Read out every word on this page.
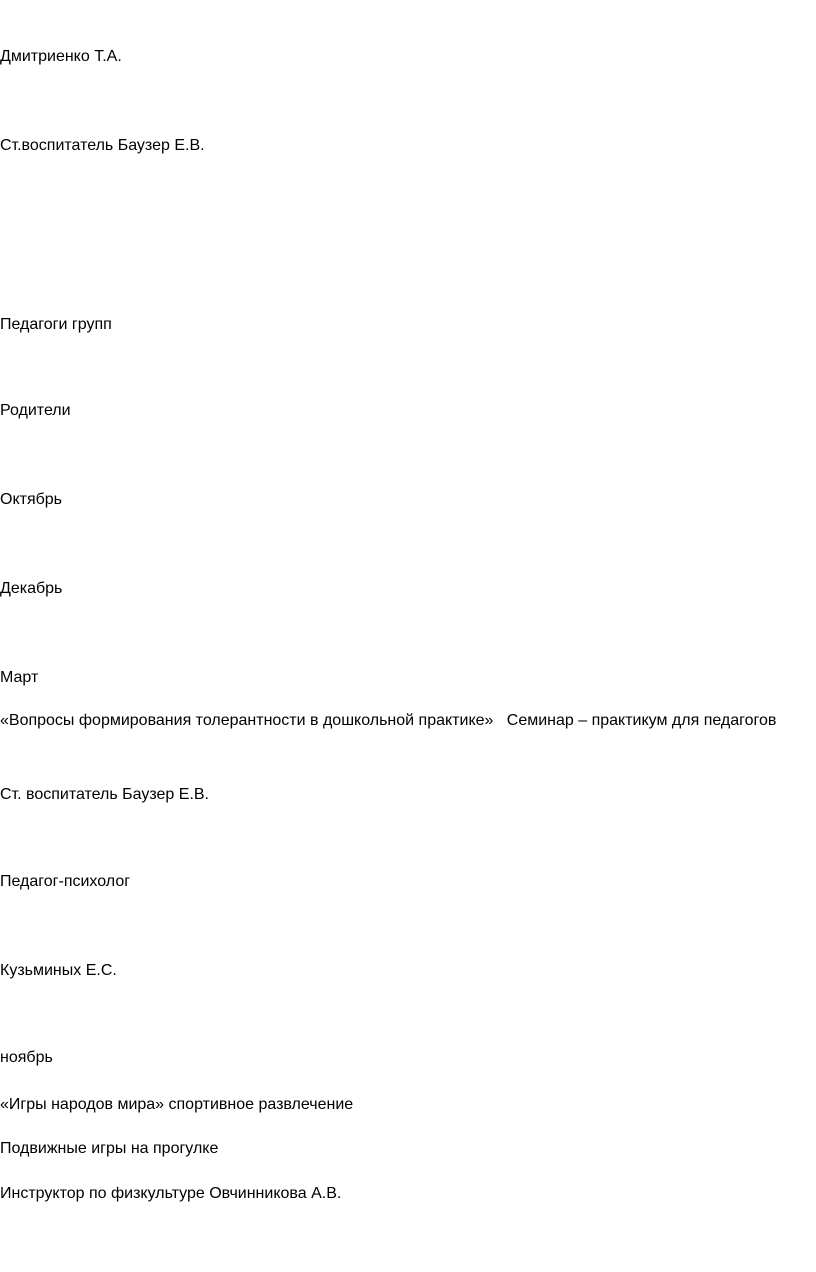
Дмитриенко Т.А.

Ст.воспитатель Баузер Е.В.

Педагоги групп

Родители

Октябрь

Декабрь

Март

«Вопросы формирования толерантности в дошкольной практике»   Семинар – практикум для педагогов

Ст. воспитатель Баузер Е.В.

Педагог-психолог

Кузьминых Е.С.

ноябрь

«Игры народов мира» спортивное развлечение

Подвижные игры на прогулке

Инструктор по физкультуре Овчинникова А.В.
